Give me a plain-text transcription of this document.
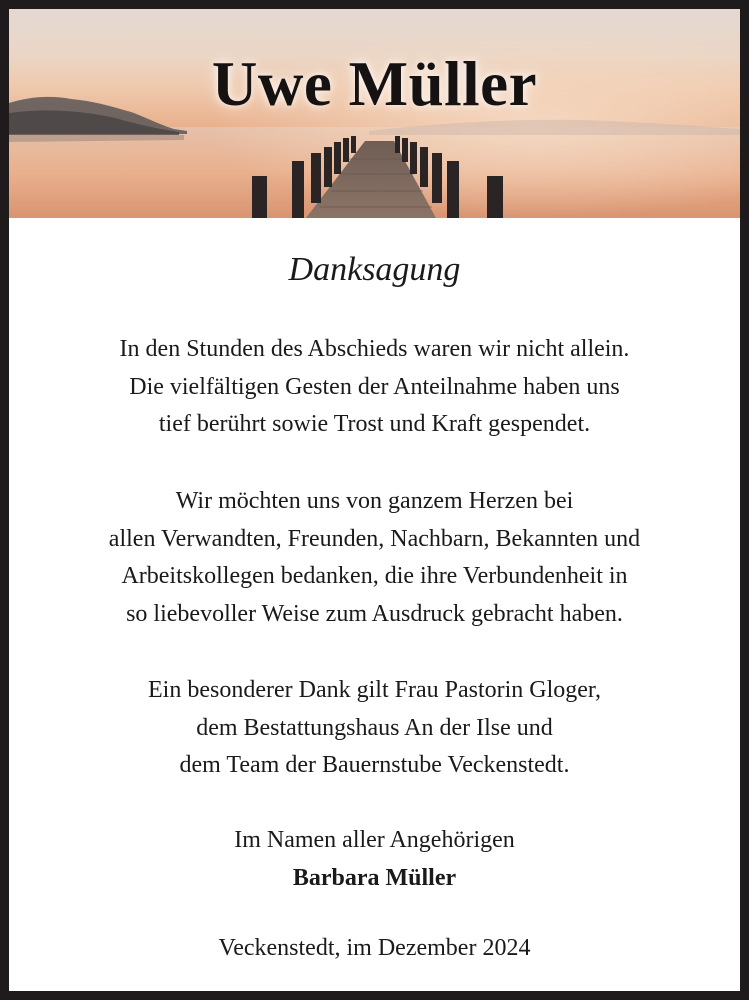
Uwe Müller
Danksagung
In den Stunden des Abschieds waren wir nicht allein.
Die vielfältigen Gesten der Anteilnahme haben uns
tief berührt sowie Trost und Kraft gespendet.
Wir möchten uns von ganzem Herzen bei
allen Verwandten, Freunden, Nachbarn, Bekannten und
Arbeitskollegen bedanken, die ihre Verbundenheit in
so liebevoller Weise zum Ausdruck gebracht haben.
Ein besonderer Dank gilt Frau Pastorin Gloger,
dem Bestattungshaus An der Ilse und
dem Team der Bauernstube Veckenstedt.
Im Namen aller Angehörigen
Barbara Müller
Veckenstedt, im Dezember 2024
